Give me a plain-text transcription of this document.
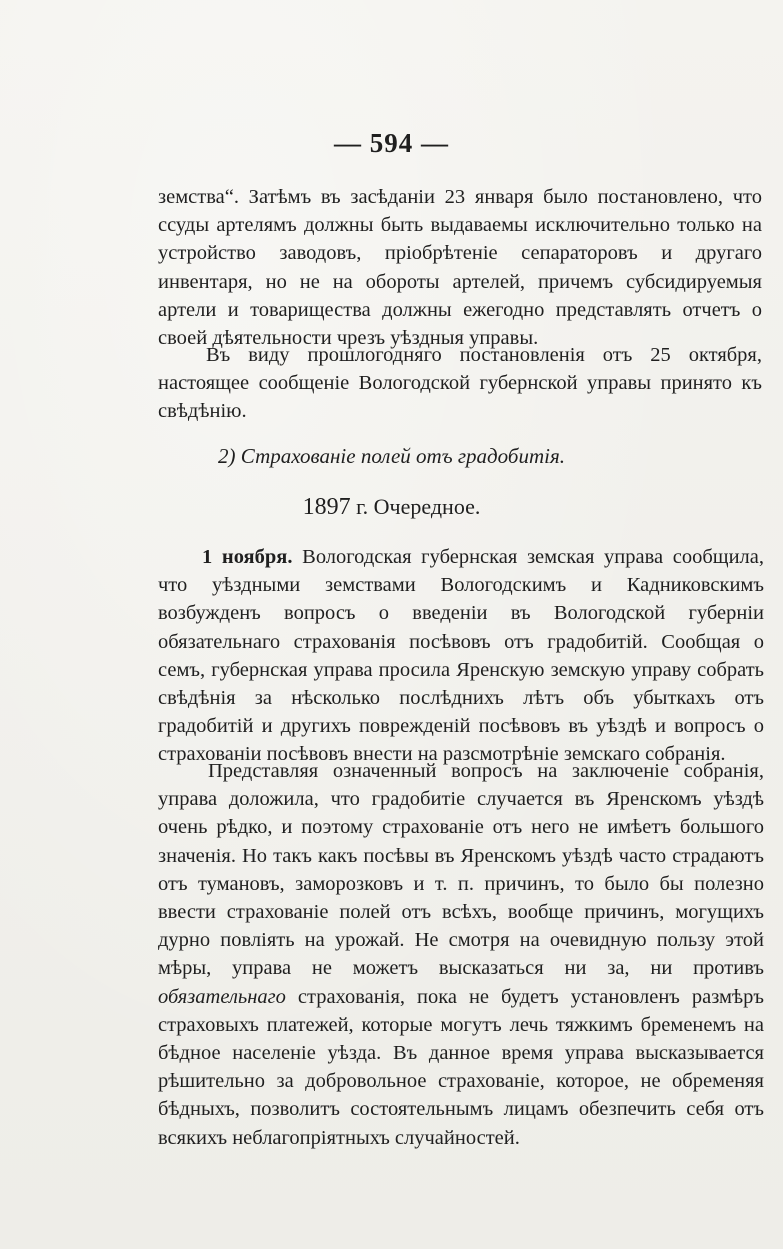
— 594 —

земства“. Затѣмъ въ засѣданіи 23 января было постановлено, что ссуды артелямъ должны быть выдаваемы исключительно только на устройство заводовъ, пріобрѣтеніе сепараторовъ и другаго инвентаря, но не на обороты артелей, причемъ субсидируемыя артели и товарищества должны ежегодно представлять отчетъ о своей дѣятельности чрезъ уѣздныя управы.

Въ виду прошлогодняго постановленія отъ 25 октября, настоящее сообщеніе Вологодской губернской управы принято къ свѣдѣнію.

2) Страхованіе полей отъ градобитія.
1897 г. Очередное.

1 ноября. Вологодская губернская земская управа сообщила, что уѣздными земствами Вологодскимъ и Кадниковскимъ возбужденъ вопросъ о введеніи въ Вологодской губерніи обязательнаго страхованія посѣвовъ отъ градобитій. Сообщая о семъ, губернская управа просила Яренскую земскую управу собрать свѣдѣнія за нѣсколько послѣднихъ лѣтъ объ убыткахъ отъ градобитій и другихъ поврежденій посѣвовъ въ уѣздѣ и вопросъ о страхованіи посѣвовъ внести на разсмотрѣніе земскаго собранія.

Представляя означенный вопросъ на заключеніе собранія, управа доложила, что градобитіе случается въ Яренскомъ уѣздѣ очень рѣдко, и поэтому страхованіе отъ него не имѣетъ большого значенія. Но такъ какъ посѣвы въ Яренскомъ уѣздѣ часто страдаютъ отъ тумановъ, заморозковъ и т. п. причинъ, то было бы полезно ввести страхованіе полей отъ всѣхъ, вообще причинъ, могущихъ дурно повліять на урожай. Не смотря на очевидную пользу этой мѣры, управа не можетъ высказаться ни за, ни противъ обязательнаго страхованія, пока не будетъ установленъ размѣръ страховыхъ платежей, которые могутъ лечь тяжкимъ бременемъ на бѣдное населеніе уѣзда. Въ данное время управа высказывается рѣшительно за добровольное страхованіе, которое, не обременяя бѣдныхъ, позволитъ состоятельнымъ лицамъ обезпечить себя отъ всякихъ неблагопріятныхъ случайностей.
